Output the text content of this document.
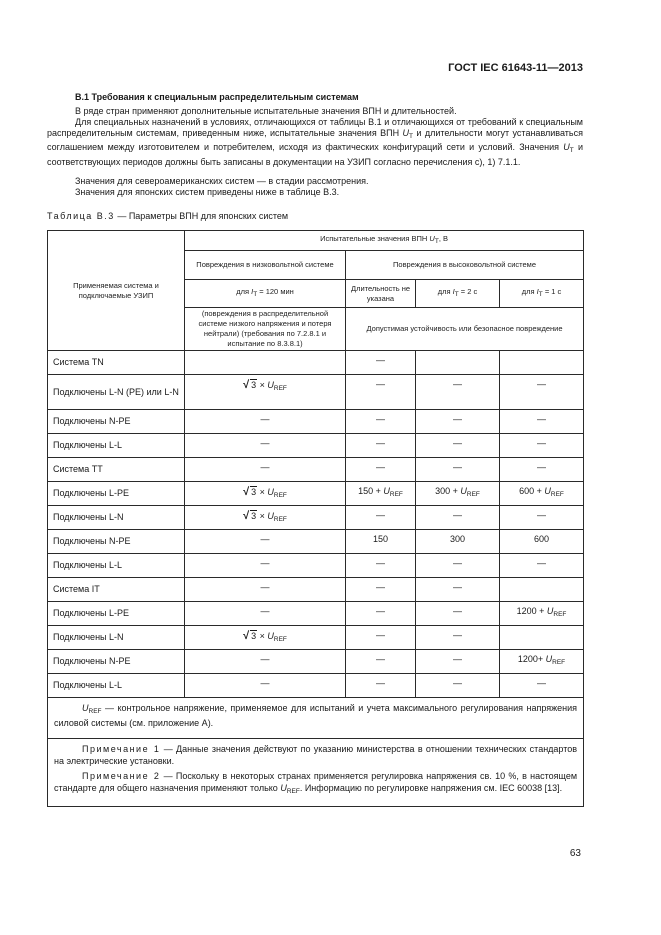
ГОСТ IEC 61643-11—2013
В.1 Требования к специальным распределительным системам

В ряде стран применяют дополнительные испытательные значения ВПН и длительностей.

Для специальных назначений в условиях, отличающихся от таблицы В.1 и отличающихся от требований к специальным распределительным системам, приведенным ниже, испытательные значения ВПН $U_T$ и длительности могут устанавливаться соглашением между изготовителем и потребителем, исходя из фактических конфигураций сети и условий. Значения $U_T$ и соответствующих периодов должны быть записаны в документации на УЗИП согласно перечисления с), 1) 7.1.1.

Значения для североамериканских систем — в стадии рассмотрения.

Значения для японских систем приведены ниже в таблице В.3.

Таблица В.3 — Параметры ВПН для японских систем
Применяемая система и подключаемые УЗИП	Испытательные значения ВПН $U_T$, В			
	Повреждения в низковольтной системе	Повреждения в высоковольтной системе		
	для $I_T = 120$ мин	Длительность не указана	для $I_T = 2$ с	для $I_T = 1$ с
	(повреждения в распределительной системе низкого напряжения и потеря нейтрали) (требования по 7.2.8.1 и испытание по 8.3.8.1)	Допустимая устойчивость или безопасное повреждение		
Система TN		—		
Подключены L-N (PE) или L-N	√ $3 \times U_{REF}$	—	—	—
Подключены N-PE	—	—	—	—
Подключены L-L	—	—	—	—
Система ТТ	—	—	—	—
Подключены L-PE	√ $3 \times U_{REF}$	$150 + U_{REF}$	$300 + U_{REF}$	$600 + U_{REF}$
Подключены L-N	√ $3 \times U_{REF}$	—	—	—
Подключены N-PE	—	150	300	600
Подключены L-L	—	—	—	—
Система IT	—	—	—	
Подключены L-PE	—	—	—	$1200 + U_{REF}$
Подключены L-N	√ $3 \times U_{REF}$	—	—	
Подключены N-PE	—	—	—	$1200+ U_{REF}$
Подключены L-L	—	—	—	—

$U_{REF}$ — контрольное напряжение, применяемое для испытаний и учета максимального регулирования напряжения силовой системы (см. приложение А).				

Примечание 1 — Данные значения действуют по указанию министерства в отношении технических стандартов на электрические установки.

Примечание 2 — Поскольку в некоторых странах применяется регулировка напряжения св. 10 %, в настоящем стандарте для общего назначения применяют только $U_{REF}$. Информацию по регулировке напряжения см. IEC 60038 [13].				

63
